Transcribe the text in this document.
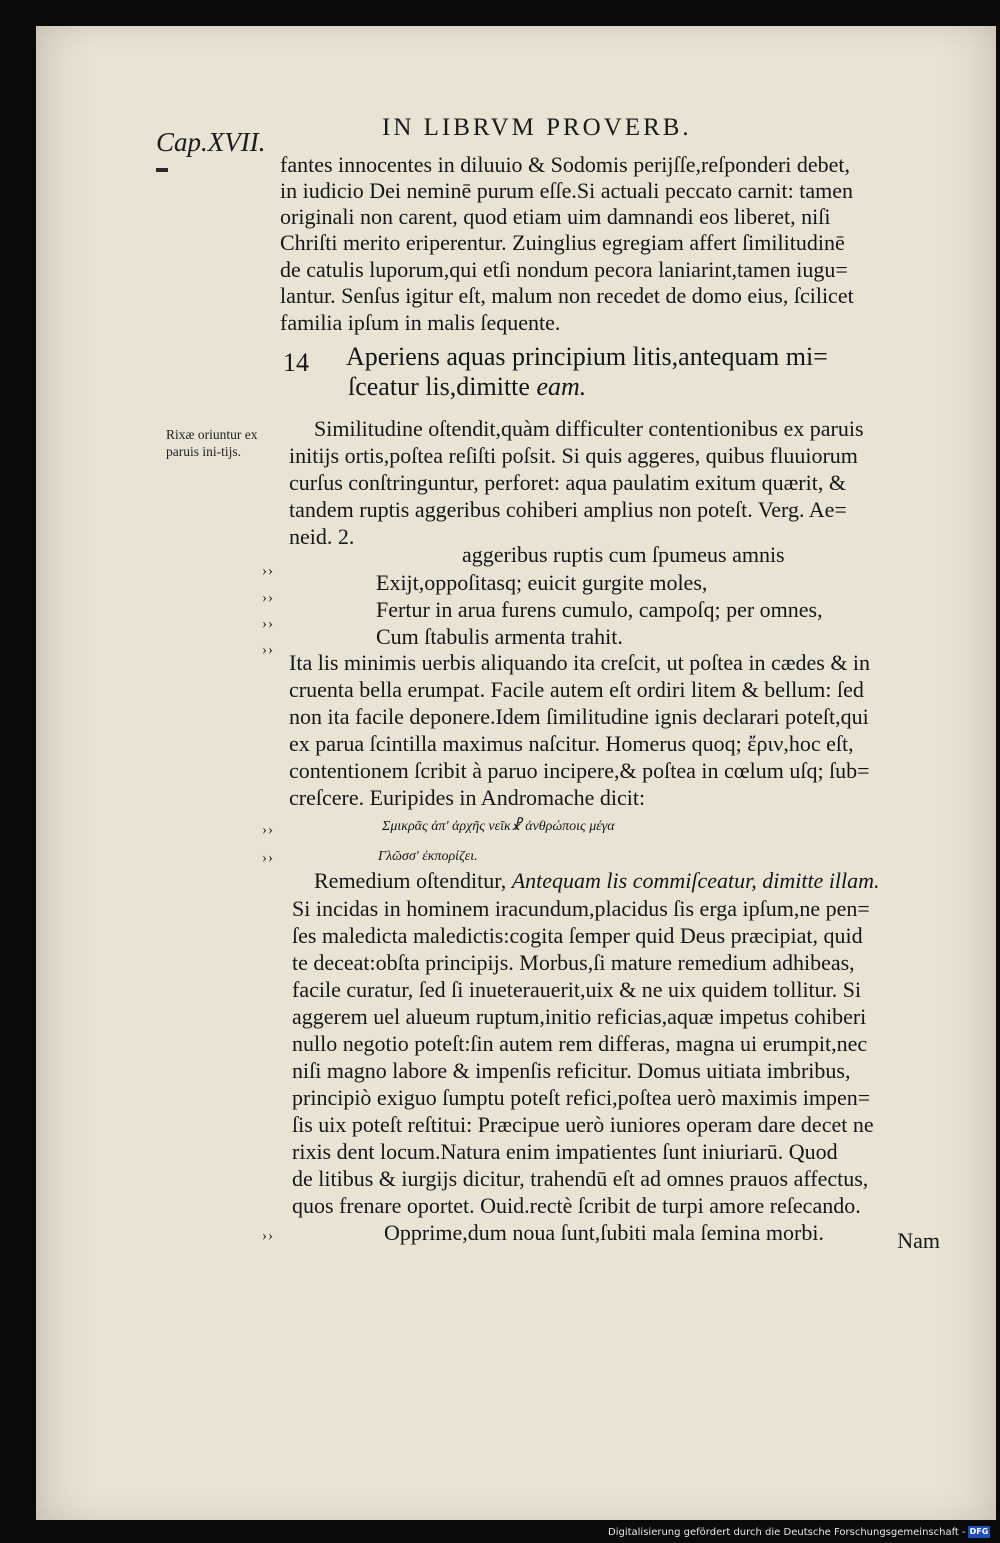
Cap.XVII.	IN LIBRVM PROVERB.
Rixæ oriuntur ex paruis ini-tijs.
fantes innocentes in diluuio & Sodomis perijſſe,reſponderi debet,
in iudicio Dei neminē purum eſſe.Si actuali peccato carnit: tamen
originali non carent, quod etiam uim damnandi eos liberet, niſi
Chriſti merito eriperentur. Zuinglius egregiam affert ſimilitudinē
de catulis luporum,qui etſi nondum pecora laniarint,tamen iugu=
lantur. Senſus igitur eſt, malum non recedet de domo eius, ſcilicet
familia ipſum in malis ſequente.
14 Aperiens aquas principium litis,antequam mi=
ſceatur lis,dimitte eam.
Similitudine oſtendit,quàm difficulter contentionibus ex paruis
initijs ortis,poſtea reſiſti poſsit. Si quis aggeres, quibus fluuiorum
curſus conſtringuntur, perforet: aqua paulatim exitum quærit, &
tandem ruptis aggeribus cohiberi amplius non poteſt. Verg. Ae=
neid. 2.
aggeribus ruptis cum ſpumeus amnis
Exijt,oppoſitasq; euicit gurgite moles,
Fertur in arua furens cumulo, campoſq; per omnes,
Cum ſtabulis armenta trahit.
››
››
››
›› Ita lis minimis uerbis aliquando ita creſcit, ut poſtea in cædes & in
cruenta bella erumpat. Facile autem eſt ordiri litem & bellum: ſed
non ita facile deponere.Idem ſimilitudine ignis declarari poteſt,qui
ex parua ſcintilla maximus naſcitur. Homerus quoq; ἔριν,hoc eſt,
contentionem ſcribit à paruo incipere,& poſtea in cœlum uſq; ſub=
creſcere. Euripides in Andromache dicit:
Σμικρᾶς ἀπ' ἀρχῆς νεῖκ☧ ἀνθρώποις μέγα
Γλῶσσ' ἐκπορίζει.
››
››
Remedium oſtenditur, Antequam lis commiſceatur, dimitte illam.
Si incidas in hominem iracundum,placidus ſis erga ipſum,ne pen=
ſes maledicta maledictis:cogita ſemper quid Deus præcipiat, quid
te deceat:obſta principijs. Morbus,ſi mature remedium adhibeas,
facile curatur, ſed ſi inueterauerit,uix & ne uix quidem tollitur. Si
aggerem uel alueum ruptum,initio reficias,aquæ impetus cohiberi
nullo negotio poteſt:ſin autem rem differas, magna ui erumpit,nec
niſi magno labore & impenſis reficitur. Domus uitiata imbribus,
principiò exiguo ſumptu poteſt refici,poſtea uerò maximis impen=
ſis uix poteſt reſtitui: Præcipue uerò iuniores operam dare decet ne
rixis dent locum.Natura enim impatientes ſunt iniuriarū. Quod
de litibus & iurgijs dicitur, trahendū eſt ad omnes prauos affectus,
quos frenare oportet. Ouid.rectè ſcribit de turpi amore reſecando.
Opprime,dum noua ſunt,ſubiti mala ſemina morbi.
››	Nam
Digitalisierung gefördert durch die Deutsche Forschungsgemeinschaft - DFG
